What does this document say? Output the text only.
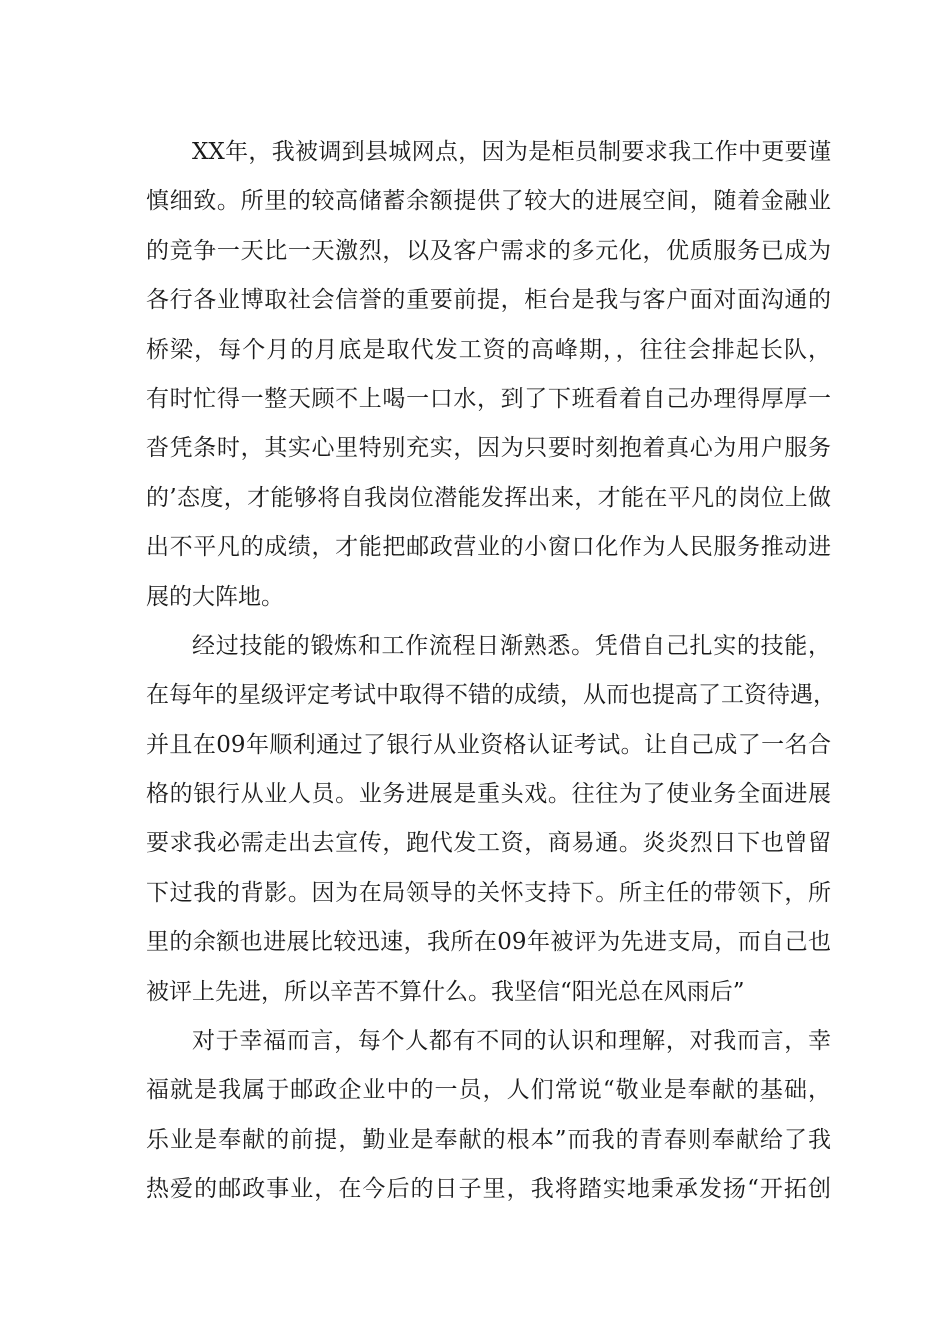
XX年，我被调到县城网点，因为是柜员制要求我工作中更要谨
慎细致。所里的较高储蓄余额提供了较大的进展空间，随着金融业
的竞争一天比一天激烈，以及客户需求的多元化，优质服务已成为
各行各业博取社会信誉的重要前提，柜台是我与客户面对面沟通的
桥梁，每个月的月底是取代发工资的高峰期，，往往会排起长队，
有时忙得一整天顾不上喝一口水，到了下班看着自己办理得厚厚一
沓凭条时，其实心里特别充实，因为只要时刻抱着真心为用户服务
的’态度，才能够将自我岗位潜能发挥出来，才能在平凡的岗位上做
出不平凡的成绩，才能把邮政营业的小窗口化作为人民服务推动进
展的大阵地。
经过技能的锻炼和工作流程日渐熟悉。凭借自己扎实的技能，
在每年的星级评定考试中取得不错的成绩，从而也提高了工资待遇，
并且在09年顺利通过了银行从业资格认证考试。让自己成了一名合
格的银行从业人员。业务进展是重头戏。往往为了使业务全面进展
要求我必需走出去宣传，跑代发工资，商易通。炎炎烈日下也曾留
下过我的背影。因为在局领导的关怀支持下。所主任的带领下，所
里的余额也进展比较迅速，我所在09年被评为先进支局，而自己也
被评上先进，所以辛苦不算什么。我坚信“阳光总在风雨后”
对于幸福而言，每个人都有不同的认识和理解，对我而言，幸
福就是我属于邮政企业中的一员，人们常说“敬业是奉献的基础，
乐业是奉献的前提，勤业是奉献的根本”而我的青春则奉献给了我
热爱的邮政事业，在今后的日子里，我将踏实地秉承发扬“开拓创
